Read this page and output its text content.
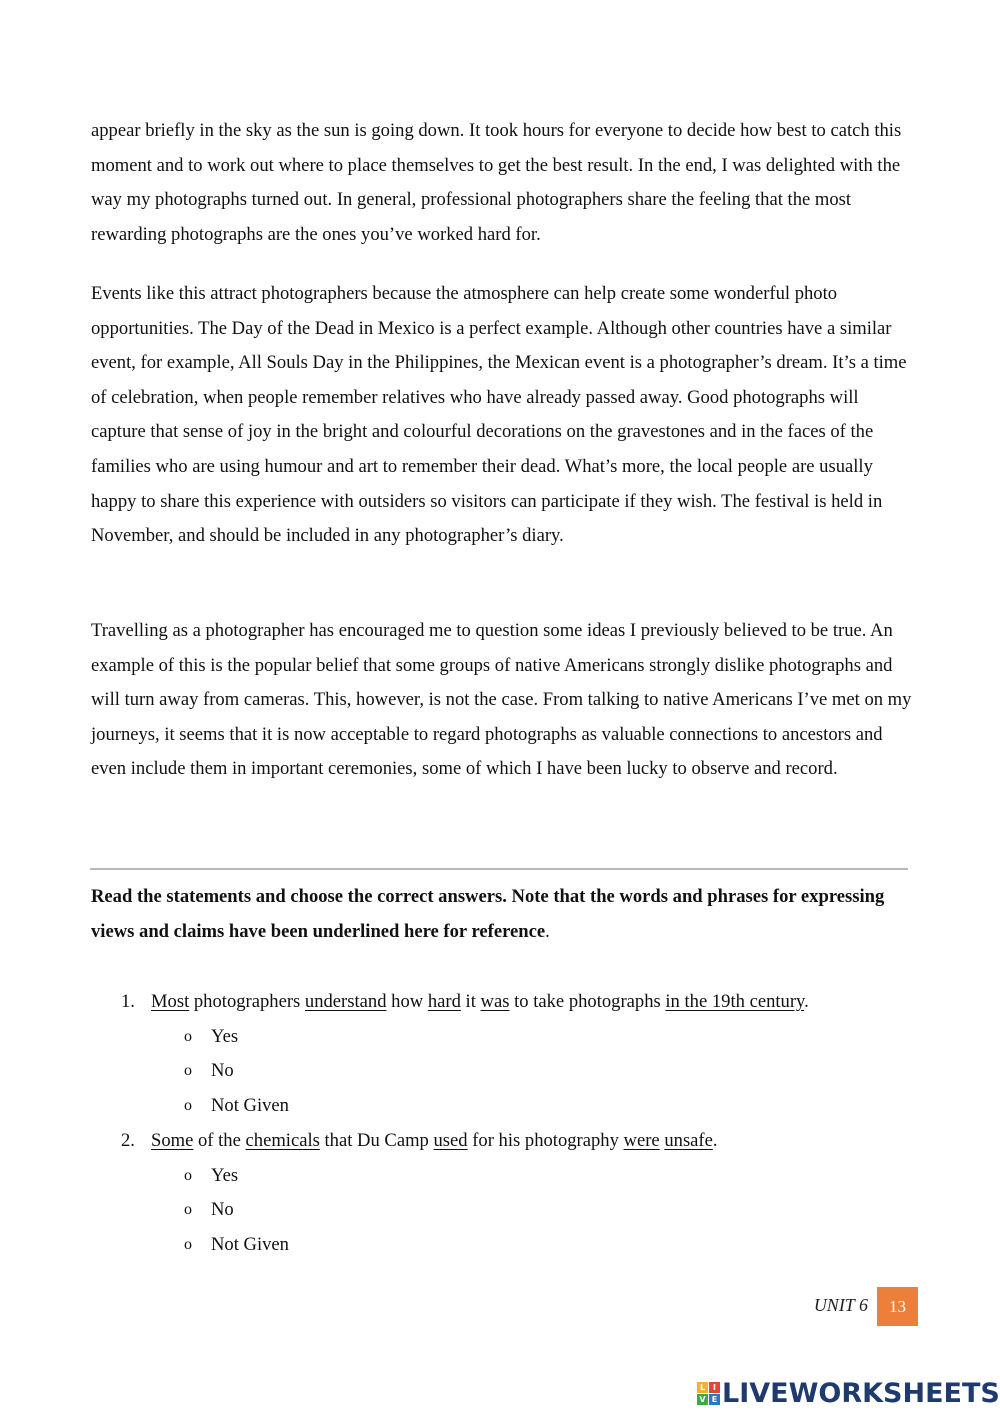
appear briefly in the sky as the sun is going down. It took hours for everyone to decide how best to catch this moment and to work out where to place themselves to get the best result. In the end, I was delighted with the way my photographs turned out. In general, professional photographers share the feeling that the most rewarding photographs are the ones you’ve worked hard for.

Events like this attract photographers because the atmosphere can help create some wonderful photo opportunities. The Day of the Dead in Mexico is a perfect example. Although other countries have a similar event, for example, All Souls Day in the Philippines, the Mexican event is a photographer’s dream. It’s a time of celebration, when people remember relatives who have already passed away. Good photographs will capture that sense of joy in the bright and colourful decorations on the gravestones and in the faces of the families who are using humour and art to remember their dead. What’s more, the local people are usually happy to share this experience with outsiders so visitors can participate if they wish. The festival is held in November, and should be included in any photographer’s diary.

Travelling as a photographer has encouraged me to question some ideas I previously believed to be true. An example of this is the popular belief that some groups of native Americans strongly dislike photographs and will turn away from cameras. This, however, is not the case. From talking to native Americans I’ve met on my journeys, it seems that it is now acceptable to regard photographs as valuable connections to ancestors and even include them in important ceremonies, some of which I have been lucky to observe and record.

Read the statements and choose the correct answers. Note that the words and phrases for expressing views and claims have been underlined here for reference.

1. Most photographers understand how hard it was to take photographs in the 19th century.
o Yes
o No
o Not Given
2. Some of the chemicals that Du Camp used for his photography were unsafe.
o Yes
o No
o Not Given
UNIT 6	13
L I
V E LIVEWORKSHEETS
